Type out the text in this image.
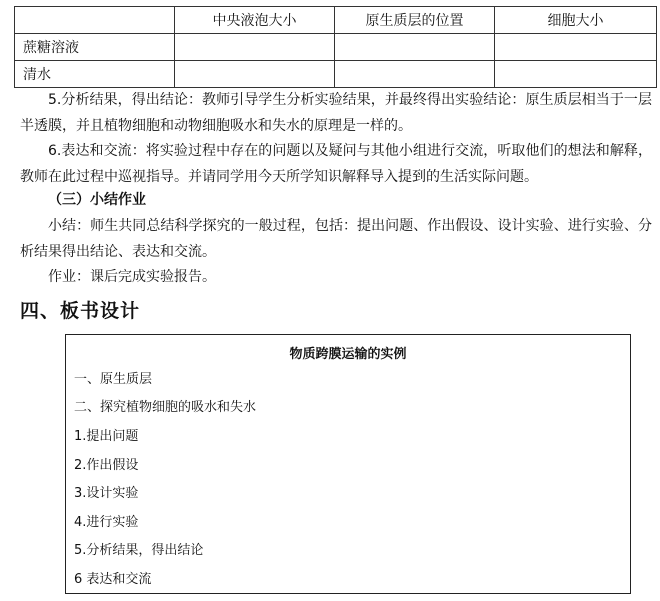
	中央液泡大小	原生质层的位置	细胞大小
蔗糖溶液			
清水			

5.分析结果，得出结论：教师引导学生分析实验结果，并最终得出实验结论：原生质层相当于一层半透膜，并且植物细胞和动物细胞吸水和失水的原理是一样的。

6.表达和交流：将实验过程中存在的问题以及疑问与其他小组进行交流，听取他们的想法和解释，教师在此过程中巡视指导。并请同学用今天所学知识解释导入提到的生活实际问题。

（三）小结作业

小结：师生共同总结科学探究的一般过程，包括：提出问题、作出假设、设计实验、进行实验、分析结果得出结论、表达和交流。

作业：课后完成实验报告。

四、板书设计
物质跨膜运输的实例
一、原生质层
二、探究植物细胞的吸水和失水
1.提出问题
2.作出假设
3.设计实验
4.进行实验
5.分析结果，得出结论
6 表达和交流
